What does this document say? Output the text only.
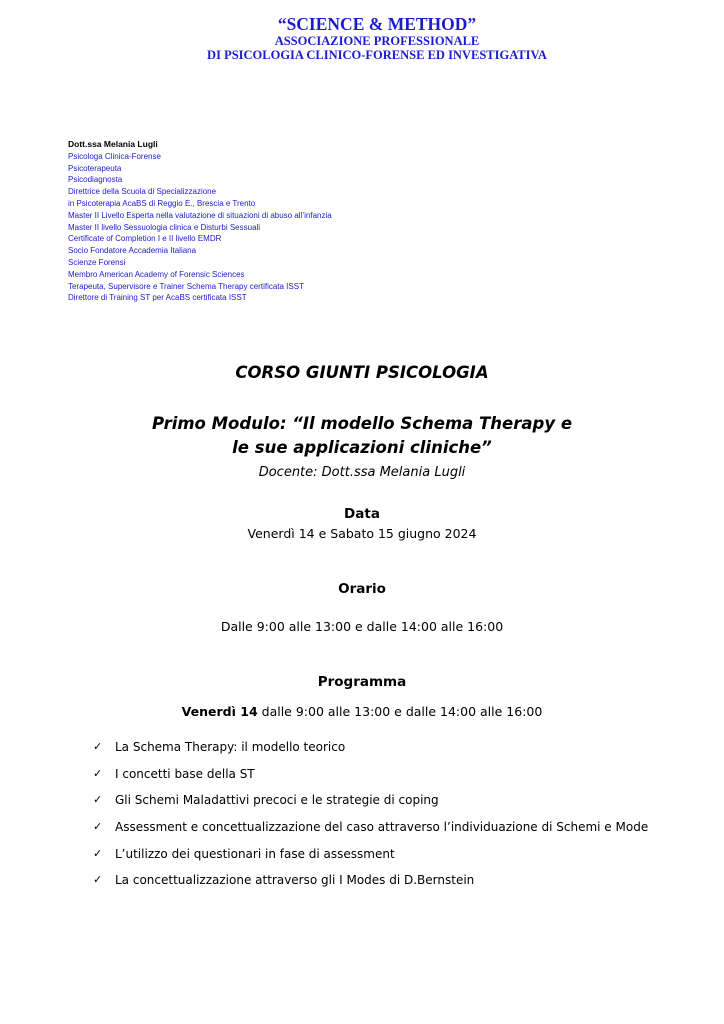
“SCIENCE & METHOD”
ASSOCIAZIONE PROFESSIONALE
DI PSICOLOGIA CLINICO-FORENSE ED INVESTIGATIVA
Dott.ssa Melania Lugli
Psicologa Clinica-Forense
Psicoterapeuta
Psicodiagnosta
Direttrice della Scuola di Specializzazione
in Psicoterapia AcaBS di Reggio E., Brescia e Trento
Master II Livello Esperta nella valutazione di situazioni di abuso all’infanzia
Master II livello Sessuologia clinica e Disturbi Sessuali
Certificate of Completion I e II livello EMDR
Socio Fondatore Accademia Italiana
Scienze Forensi
Membro American Academy of Forensic Sciences
Terapeuta, Supervisore e Trainer Schema Therapy certificata ISST
Direttore di Training ST per AcaBS certificata ISST
CORSO GIUNTI PSICOLOGIA
Primo Modulo: “Il modello Schema Therapy e
le sue applicazioni cliniche”
Docente: Dott.ssa Melania Lugli
Data
Venerdì 14 e Sabato 15 giugno 2024
Orario
Dalle 9:00 alle 13:00 e dalle 14:00 alle 16:00
Programma
Venerdì 14 dalle 9:00 alle 13:00 e dalle 14:00 alle 16:00
✓	La Schema Therapy: il modello teorico
✓	I concetti base della ST
✓	Gli Schemi Maladattivi precoci e le strategie di coping
✓	Assessment e concettualizzazione del caso attraverso l’individuazione di Schemi e Mode
✓	L’utilizzo dei questionari in fase di assessment
✓	La concettualizzazione attraverso gli I Modes di D.Bernstein
